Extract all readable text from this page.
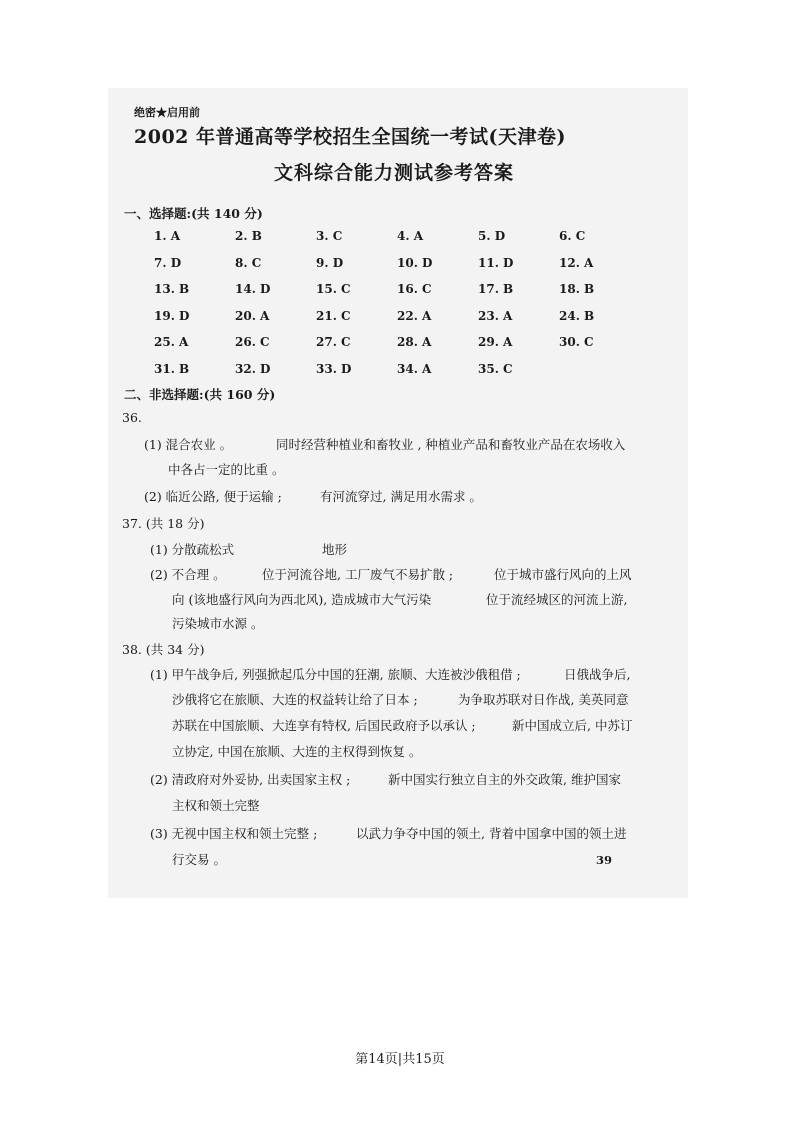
绝密★启用前
2002 年普通高等学校招生全国统一考试(天津卷)
文科综合能力测试参考答案
一、选择题:(共 140 分)
1. A	2. B	3. C	4. A	5. D	6. C
7. D	8. C	9. D	10. D	11. D	12. A
13. B	14. D	15. C	16. C	17. B	18. B
19. D	20. A	21. C	22. A	23. A	24. B
25. A	26. C	27. C	28. A	29. A	30. C
31. B	32. D	33. D	34. A	35. C
二、非选择题:(共 160 分)
36.
(1) 混合农业 。	同时经营种植业和畜牧业 , 种植业产品和畜牧业产品在农场收入
中各占一定的比重 。
(2) 临近公路, 便于运输 ;	有河流穿过, 满足用水需求 。
37. (共 18 分)
(1) 分散疏松式	地形
(2) 不合理 。	位于河流谷地, 工厂废气不易扩散 ;	位于城市盛行风向的上风
向 (该地盛行风向为西北风), 造成城市大气污染	位于流经城区的河流上游,
污染城市水源 。
38. (共 34 分)
(1) 甲午战争后, 列强掀起瓜分中国的狂潮, 旅顺、大连被沙俄租借 ;	日俄战争后,
沙俄将它在旅顺、大连的权益转让给了日本 ;	为争取苏联对日作战, 美英同意
苏联在中国旅顺、大连享有特权, 后国民政府予以承认 ;	新中国成立后, 中苏订
立协定, 中国在旅顺、大连的主权得到恢复 。
(2) 清政府对外妥协, 出卖国家主权 ;	新中国实行独立自主的外交政策, 维护国家
主权和领土完整
(3) 无视中国主权和领土完整 ;	以武力争夺中国的领土, 背着中国拿中国的领土进
行交易 。	39
第14页|共15页
